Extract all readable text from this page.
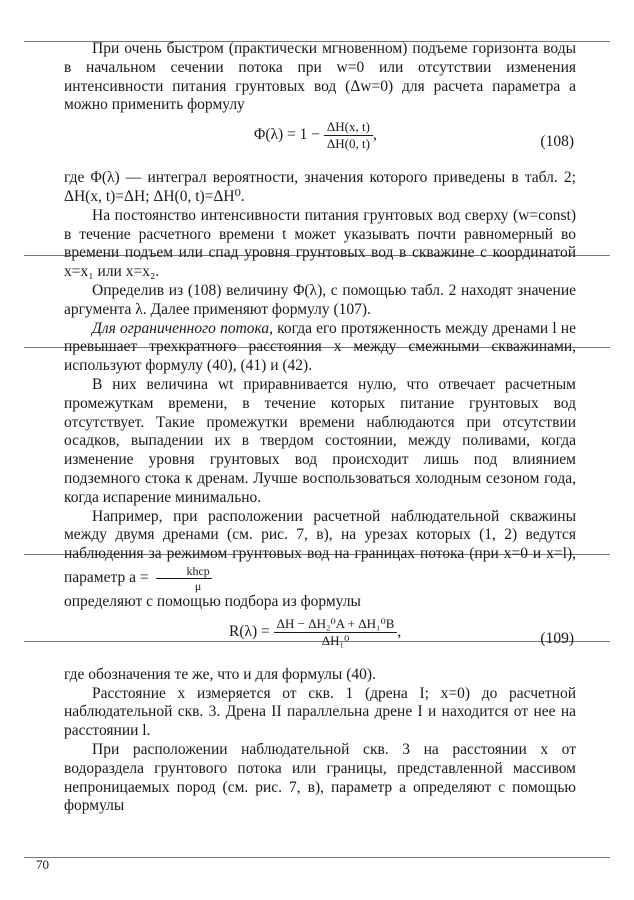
При очень быстром (практически мгновенном) подъеме горизонта воды в начальном сечении потока при w=0 или отсутствии изменения интенсивности питания грунтовых вод (Δw=0) для расчета параметра a можно применить формулу

$\Phi(\lambda) = 1 - \frac{\Delta H(x, t)}{\Delta H(0, t)}$ ,	(108)

где Φ(λ) — интеграл вероятности, значения которого приведены в табл. 2; ΔH(x, t)=ΔH; ΔH(0, t)=ΔH⁰.

На постоянство интенсивности питания грунтовых вод сверху (w=const) в течение расчетного времени t может указывать почти равномерный во времени подъем или спад уровня грунтовых вод в скважине с координатой x=x₁ или x=x₂.

Определив из (108) величину Φ(λ), с помощью табл. 2 находят значение аргумента λ. Далее применяют формулу (107).

Для ограниченного потока, когда его протяженность между дренами l не превышает трехкратного расстояния x между смежными скважинами, используют формулу (40), (41) и (42).

В них величина wt приравнивается нулю, что отвечает расчетным промежуткам времени, в течение которых питание грунтовых вод отсутствует. Такие промежутки времени наблюдаются при отсутствии осадков, выпадении их в твердом состоянии, между поливами, когда изменение уровня грунтовых вод происходит лишь под влиянием подземного стока к дренам. Лучше воспользоваться холодным сезоном года, когда испарение минимально.

Например, при расположении расчетной наблюдательной скважины между двумя дренами (см. рис. 7, в), на урезах которых (1, 2) ведутся наблюдения за режимом грунтовых вод на границах потока (при x=0 и x=l), параметр $a = \frac{\text{khср}}{\mu}$

определяют с помощью подбора из формулы

$R(\lambda) = \frac{\text{ΔH − ΔH₂⁰A + ΔH₁⁰B}}{\text{ΔH₁⁰}}$ ,	(109)

где обозначения те же, что и для формулы (40).

Расстояние x измеряется от скв. 1 (дрена I; x=0) до расчетной наблюдательной скв. 3. Дрена II параллельна дрене I и находится от нее на расстоянии l.

При расположении наблюдательной скв. 3 на расстоянии x от водораздела грунтового потока или границы, представленной массивом непроницаемых пород (см. рис. 7, в), параметр a определяют с помощью формулы

70
